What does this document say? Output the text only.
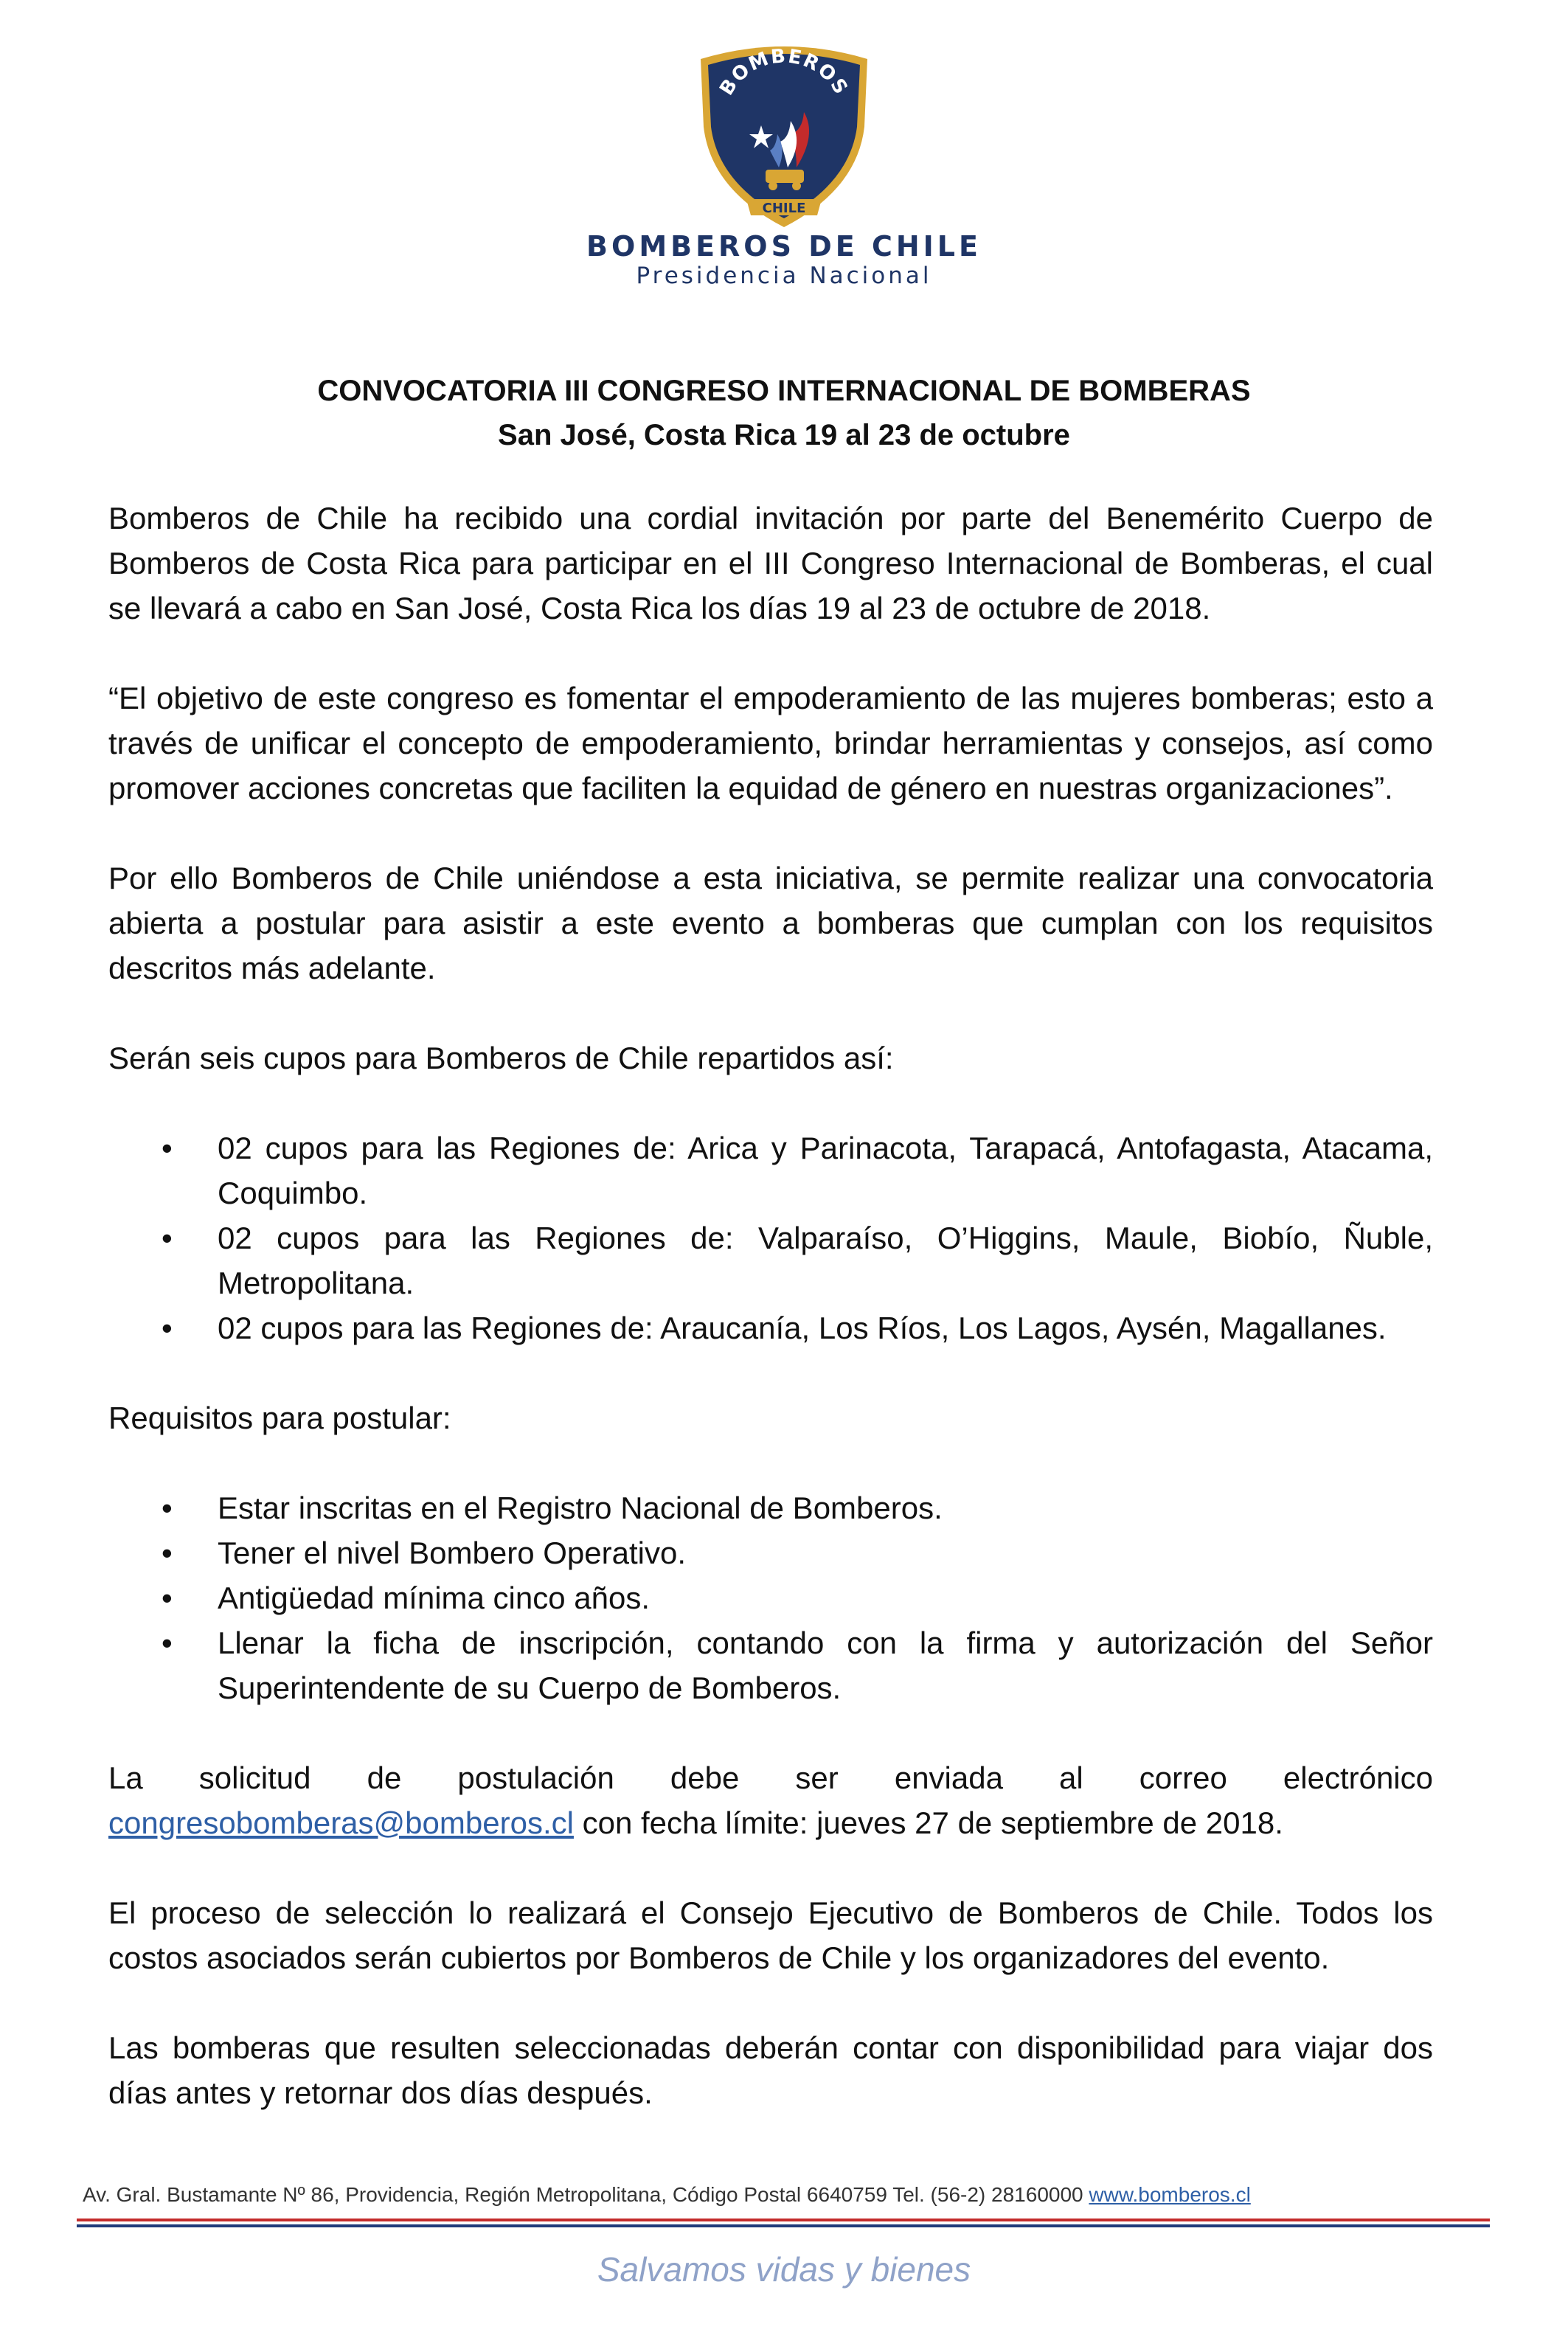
CHILE
BOMBEROS
BOMBEROS DE CHILE
Presidencia Nacional
CONVOCATORIA III CONGRESO INTERNACIONAL DE BOMBERAS
San José, Costa Rica 19 al 23 de octubre

Bomberos de Chile ha recibido una cordial invitación por parte del Benemérito Cuerpo de Bomberos de Costa Rica para participar en el III Congreso Internacional de Bomberas, el cual se llevará a cabo en San José, Costa Rica los días 19 al 23 de octubre de 2018.

“El objetivo de este congreso es fomentar el empoderamiento de las mujeres bomberas; esto a través de unificar el concepto de empoderamiento, brindar herramientas y consejos, así como promover acciones concretas que faciliten la equidad de género en nuestras organizaciones”.

Por ello Bomberos de Chile uniéndose a esta iniciativa, se permite realizar una convocatoria abierta a postular para asistir a este evento a bomberas que cumplan con los requisitos descritos más adelante.

Serán seis cupos para Bomberos de Chile repartidos así:

• 02 cupos para las Regiones de: Arica y Parinacota, Tarapacá, Antofagasta, Atacama, Coquimbo.
• 02 cupos para las Regiones de: Valparaíso, O’Higgins, Maule, Biobío, Ñuble, Metropolitana.
• 02 cupos para las Regiones de: Araucanía, Los Ríos, Los Lagos, Aysén, Magallanes.

Requisitos para postular:

• Estar inscritas en el Registro Nacional de Bomberos.
• Tener el nivel Bombero Operativo.
• Antigüedad mínima cinco años.
• Llenar la ficha de inscripción, contando con la firma y autorización del Señor Superintendente de su Cuerpo de Bomberos.

La solicitud de postulación debe ser enviada al correo electrónico

congresobomberas@bomberos.cl con fecha límite: jueves 27 de septiembre de 2018.

El proceso de selección lo realizará el Consejo Ejecutivo de Bomberos de Chile. Todos los costos asociados serán cubiertos por Bomberos de Chile y los organizadores del evento.

Las bomberas que resulten seleccionadas deberán contar con disponibilidad para viajar dos días antes y retornar dos días después.

Av. Gral. Bustamante Nº 86, Providencia, Región Metropolitana, Código Postal 6640759 Tel. (56-2) 28160000 www.bomberos.cl
Salvamos vidas y bienes
